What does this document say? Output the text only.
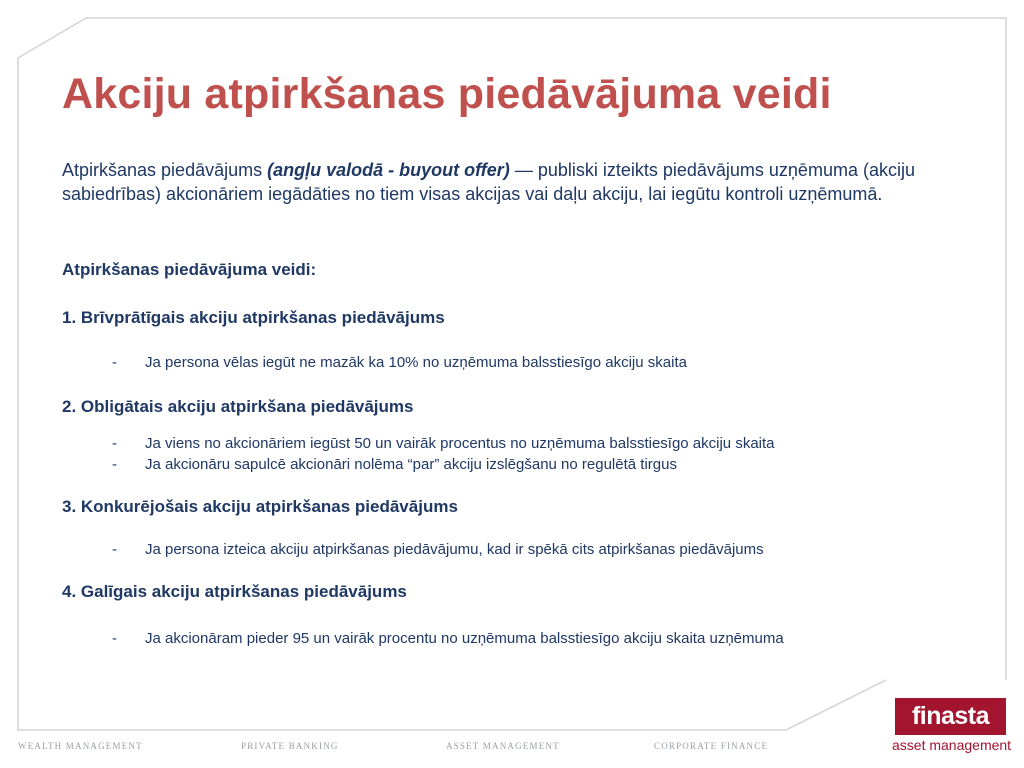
Akciju atpirkšanas piedāvājuma veidi

Atpirkšanas piedāvājums (angļu valodā - buyout offer) — publiski izteikts piedāvājums uzņēmuma (akciju sabiedrības) akcionāriem iegādāties no tiem visas akcijas vai daļu akciju, lai iegūtu kontroli uzņēmumā.

Atpirkšanas piedāvājuma veidi:

1. Brīvprātīgais akciju atpirkšanas piedāvājums

- Ja persona vēlas iegūt ne mazāk ka 10% no uzņēmuma balsstiesīgo akciju skaita

2. Obligātais akciju atpirkšana piedāvājums

- Ja viens no akcionāriem iegūst 50 un vairāk procentus no uzņēmuma balsstiesīgo akciju skaita

- Ja akcionāru sapulcē akcionāri nolēma “par” akciju izslēgšanu no regulētā tirgus

3. Konkurējošais akciju atpirkšanas piedāvājums

- Ja persona izteica akciju atpirkšanas piedāvājumu, kad ir spēkā cits atpirkšanas piedāvājums

4. Galīgais akciju atpirkšanas piedāvājums

- Ja akcionāram pieder 95 un vairāk procentu no uzņēmuma balsstiesīgo akciju skaita uzņēmuma

WEALTH MANAGEMENT	PRIVATE BANKING	ASSET MANAGEMENT	CORPORATE FINANCE
finasta
asset management
